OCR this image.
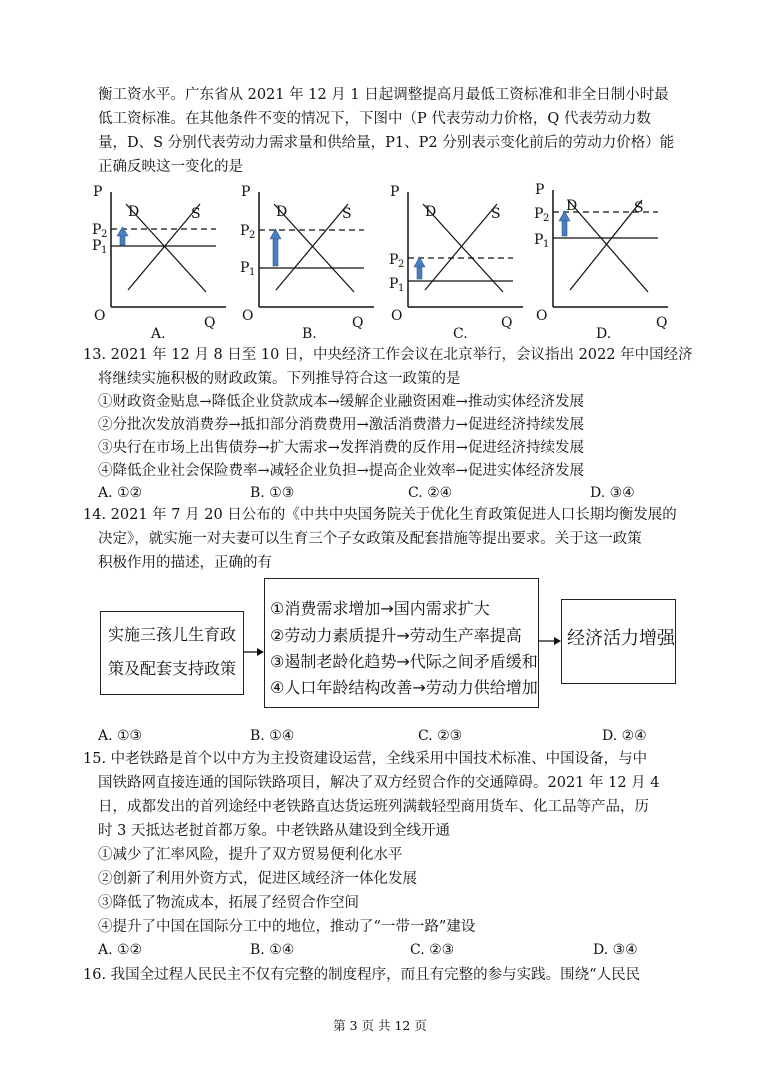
衡工资水平。广东省从 2021 年 12 月 1 日起调整提高月最低工资标准和非全日制小时最
低工资标准。在其他条件不变的情况下，下图中（P 代表劳动力价格，Q 代表劳动力数
量，D、S 分别代表劳动力需求量和供给量，P1、P2 分别表示变化前后的劳动力价格）能
正确反映这一变化的是
P
Q
O
D	S
P 2
P 1
A.
P
Q
O
D	S
P 2
P 1
B.
P
Q
O
D	S
P 2
P 1
C.
P
Q
O
D	S
P 2
P 1
D.
13. 2021 年 12 月 8 日至 10 日，中央经济工作会议在北京举行，会议指出 2022 年中国经济
将继续实施积极的财政政策。下列推导符合这一政策的是
①财政资金贴息→降低企业贷款成本→缓解企业融资困难→推动实体经济发展
②分批次发放消费券→抵扣部分消费费用→激活消费潜力→促进经济持续发展
③央行在市场上出售债券→扩大需求→发挥消费的反作用→促进经济持续发展
④降低企业社会保险费率→减轻企业负担→提高企业效率→促进实体经济发展
A. ①②	B. ①③	C. ②④	D. ③④
14. 2021 年 7 月 20 日公布的《中共中央国务院关于优化生育政策促进人口长期均衡发展的
决定》，就实施一对夫妻可以生育三个子女政策及配套措施等提出要求。关于这一政策
积极作用的描述，正确的有
实施三孩儿生育政
策及配套支持政策
①消费需求增加→国内需求扩大
②劳动力素质提升→劳动生产率提高
③遏制老龄化趋势→代际之间矛盾缓和
④人口年龄结构改善→劳动力供给增加
经济活力增强
A. ①③	B. ①④	C. ②③	D. ②④
15. 中老铁路是首个以中方为主投资建设运营，全线采用中国技术标准、中国设备，与中
国铁路网直接连通的国际铁路项目，解决了双方经贸合作的交通障碍。2021 年 12 月 4
日，成都发出的首列途经中老铁路直达货运班列满载轻型商用货车、化工品等产品，历
时 3 天抵达老挝首都万象。中老铁路从建设到全线开通
①减少了汇率风险，提升了双方贸易便利化水平
②创新了利用外资方式，促进区域经济一体化发展
③降低了物流成本，拓展了经贸合作空间
④提升了中国在国际分工中的地位，推动了“一带一路”建设
A. ①②	B. ①④	C. ②③	D. ③④
16. 我国全过程人民民主不仅有完整的制度程序，而且有完整的参与实践。围绕“人民民
第 3 页 共 12 页
